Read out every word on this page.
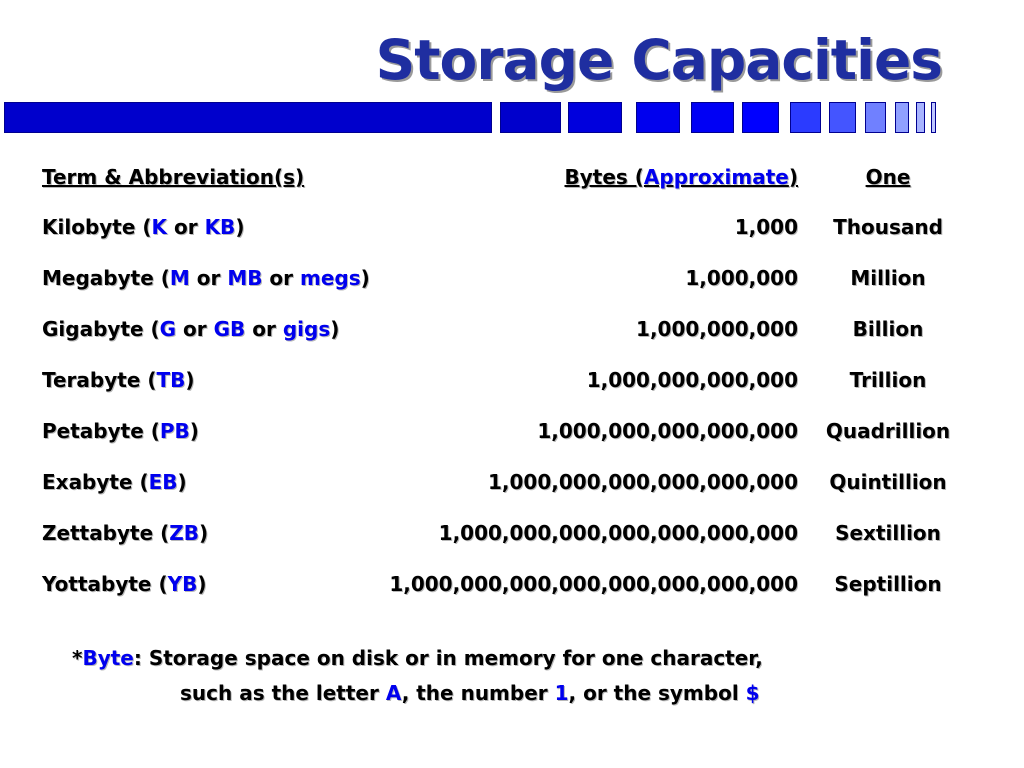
Storage Capacities
Term & Abbreviation(s)	Bytes (Approximate)	One
Kilobyte (K or KB)	1,000 Thousand
Megabyte (M or MB or megs)	1,000,000	Million
Gigabyte (G or GB or gigs)	1,000,000,000	Billion
Terabyte (TB)	1,000,000,000,000	Trillion
Petabyte (PB)	1,000,000,000,000,000 Quadrillion
Exabyte (EB)	1,000,000,000,000,000,000 Quintillion
Zettabyte (ZB)	1,000,000,000,000,000,000,000 Sextillion
Yottabyte (YB)	1,000,000,000,000,000,000,000,000 Septillion
*Byte: Storage space on disk or in memory for one character,
such as the letter A, the number 1, or the symbol $
